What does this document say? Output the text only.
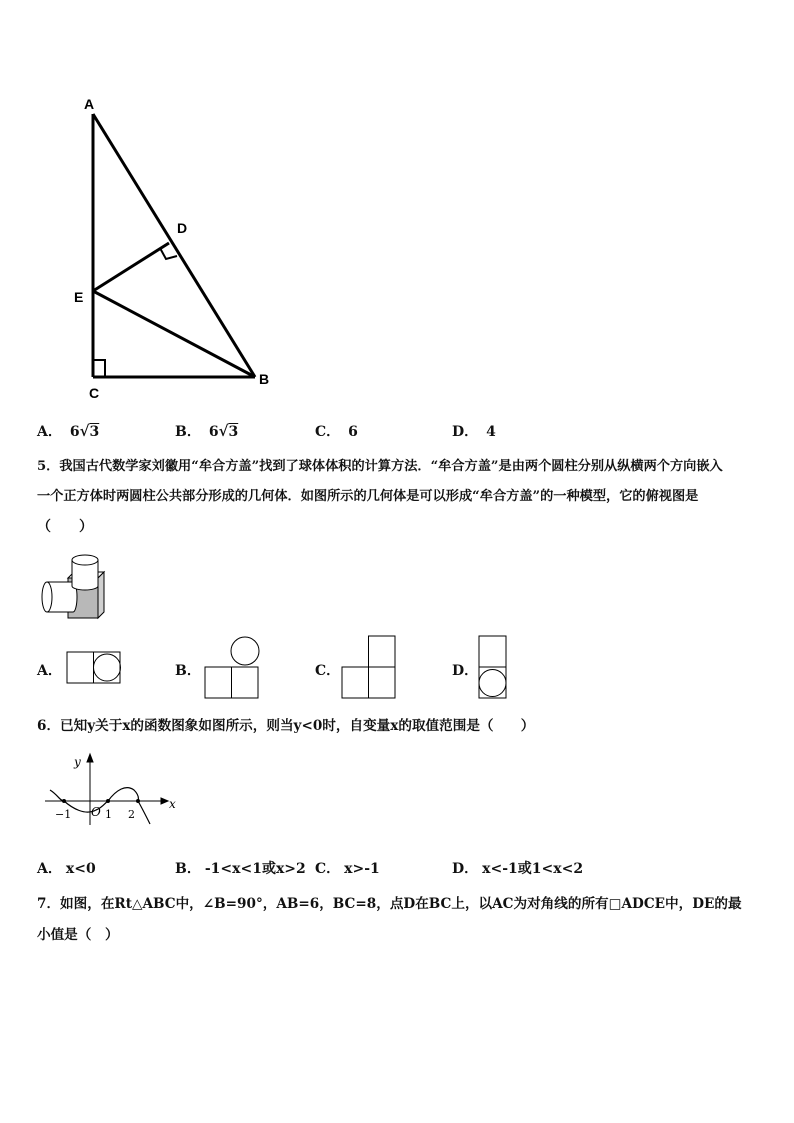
A
D
E
C
B
A． 6√3	B． 6√3	C． 6	D． 4
5．我国古代数学家刘徽用“牟合方盖”找到了球体体积的计算方法．“牟合方盖”是由两个圆柱分别从纵横两个方向嵌入
一个正方体时两圆柱公共部分形成的几何体．如图所示的几何体是可以形成“牟合方盖”的一种模型，它的俯视图是
（　　）
A．	B．	C．	D．
6．已知y关于x的函数图象如图所示，则当y<0时，自变量x的取值范围是（　　）
y
x
O
−1	1 2
A． x<0	B． -1<x<1或x>2 C． x>-1	D． x<-1或1<x<2
7．如图，在Rt△ABC中，∠B=90°，AB=6，BC=8，点D在BC上，以AC为对角线的所有□ADCE中，DE的最
小值是（　）
